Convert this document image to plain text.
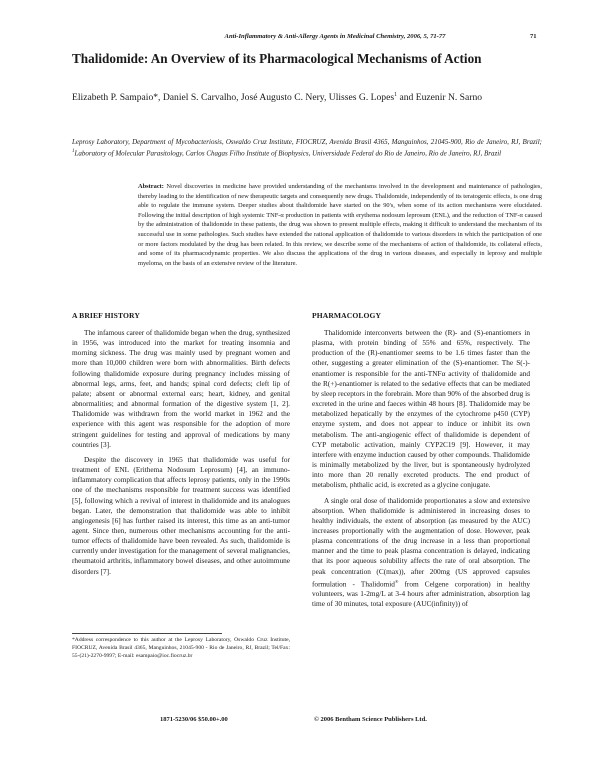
Anti-Inflammatory & Anti-Allergy Agents in Medicinal Chemistry, 2006, 5, 71-77	71
Thalidomide: An Overview of its Pharmacological Mechanisms of Action
Elizabeth P. Sampaio*, Daniel S. Carvalho, José Augusto C. Nery, Ulisses G. Lopes$^1$ and Euzenir N. Sarno
Leprosy Laboratory, Department of Mycobacteriosis, Oswaldo Cruz Institute, FIOCRUZ, Avenida Brasil 4365, Manguinhos, 21045-900, Rio de Janeiro, RJ, Brazil; $^1$Laboratory of Molecular Parasitology, Carlos Chagas Filho Institute of Biophysics, Universidade Federal do Rio de Janeiro, Rio de Janeiro, RJ, Brazil
Abstract: Novel discoveries in medicine have provided understanding of the mechanisms involved in the development and maintenance of pathologies, thereby leading to the identification of new therapeutic targets and consequently new drugs. Thalidomide, independently of its teratogenic effects, is one drug able to regulate the immune system. Deeper studies about thalidomide have started on the 90's, when some of its action mechanisms were elucidated. Following the initial description of high systemic TNF-α production in patients with erythema nodosum leprosum (ENL), and the reduction of TNF-α caused by the administration of thalidomide in these patients, the drug was shown to present multiple effects, making it difficult to understand the mechanism of its successful use in some pathologies. Such studies have extended the rational application of thalidomide to various disorders in which the participation of one or more factors modulated by the drug has been related. In this review, we describe some of the mechanisms of action of thalidomide, its collateral effects, and some of its pharmacodynamic properties. We also discuss the applications of the drug in various diseases, and especially in leprosy and multiple myeloma, on the basis of an extensive review of the literature.
A BRIEF HISTORY

The infamous career of thalidomide began when the drug, synthesized in 1956, was introduced into the market for treating insomnia and morning sickness. The drug was mainly used by pregnant women and more than 10,000 children were born with abnormalities. Birth defects following thalidomide exposure during pregnancy includes missing of abnormal legs, arms, feet, and hands; spinal cord defects; cleft lip of palate; absent or abnormal external ears; heart, kidney, and genital abnormalities; and abnormal formation of the digestive system [1, 2]. Thalidomide was withdrawn from the world market in 1962 and the experience with this agent was responsible for the adoption of more stringent guidelines for testing and approval of medications by many countries [3].

Despite the discovery in 1965 that thalidomide was useful for treatment of ENL (Erithema Nodosum Leprosum) [4], an immuno-inflammatory complication that affects leprosy patients, only in the 1990s one of the mechanisms responsible for treatment success was identified [5], following which a revival of interest in thalidomide and its analogues began. Later, the demonstration that thalidomide was able to inhibit angiogenesis [6] has further raised its interest, this time as an anti-tumor agent. Since then, numerous other mechanisms accounting for the anti-tumor effects of thalidomide have been revealed. As such, thalidomide is currently under investigation for the management of several malignancies, rheumatoid arthritis, inflammatory bowel diseases, and other autoimmune disorders [7].

PHARMACOLOGY

Thalidomide interconverts between the (R)- and (S)-enantiomers in plasma, with protein binding of 55% and 65%, respectively. The production of the (R)-enantiomer seems to be 1.6 times faster than the other, suggesting a greater elimination of the (S)-enantiomer. The S(-)-enantiomer is responsible for the anti-TNFα activity of thalidomide and the R(+)-enantiomer is related to the sedative effects that can be mediated by sleep receptors in the forebrain. More than 90% of the absorbed drug is excreted in the urine and faeces within 48 hours [8]. Thalidomide may be metabolized hepatically by the enzymes of the cytochrome p450 (CYP) enzyme system, and does not appear to induce or inhibit its own metabolism. The anti-angiogenic effect of thalidomide is dependent of CYP metabolic activation, mainly CYP2C19 [9]. However, it may interfere with enzyme induction caused by other compounds. Thalidomide is minimally metabolized by the liver, but is spontaneously hydrolyzed into more than 20 renally excreted products. The end product of metabolism, phthalic acid, is excreted as a glycine conjugate.

A single oral dose of thalidomide proportionates a slow and extensive absorption. When thalidomide is administered in increasing doses to healthy individuals, the extent of absorption (as measured by the AUC) increases proportionally with the augmentation of dose. However, peak plasma concentrations of the drug increase in a less than proportional manner and the time to peak plasma concentration is delayed, indicating that its poor aqueous solubility affects the rate of oral absorption. The peak concentration (C(max)), after 200mg (US approved capsules formulation - Thalidomid® from Celgene corporation) in healthy volunteers, was 1-2mg/L at 3-4 hours after administration, absorption lag time of 30 minutes, total exposure (AUC(infinity)) of

*Address correspondence to this author at the Leprosy Laboratory, Oswaldo Cruz Institute, FIOCRUZ, Avenida Brasil 4365, Manguinhos, 21045-900 - Rio de Janeiro, RJ, Brazil; Tel/Fax: 55-(21)-2270-9997; E-mail: esampaio@ioc.fiocruz.br
1871-5230/06 $50.00+.00	© 2006 Bentham Science Publishers Ltd.
